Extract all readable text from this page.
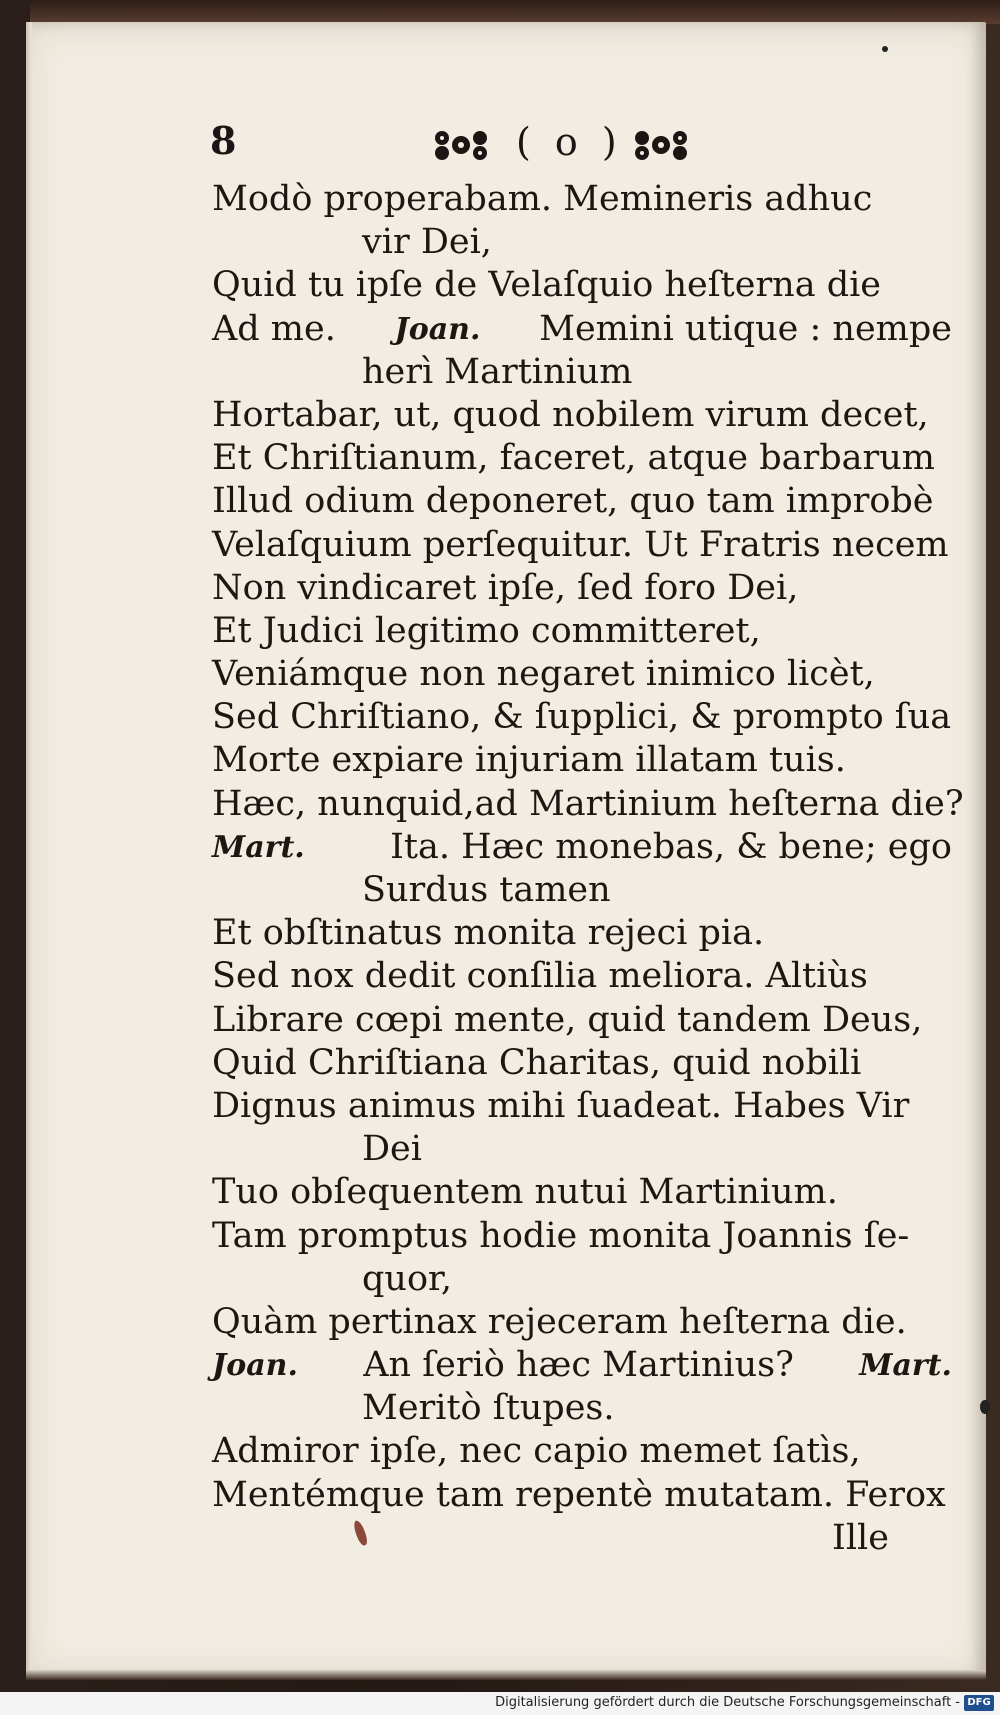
8	( o )
Modò properabam. Memineris adhuc
vir Dei,
Quid tu ipſe de Velaſquio heſterna die
Ad me. Joan. Memini utique : nempe
herì Martinium
Hortabar, ut, quod nobilem virum decet,
Et Chriſtianum, faceret, atque barbarum
Illud odium deponeret, quo tam improbè
Velaſquium perſequitur. Ut Fratris necem
Non vindicaret ipſe, ſed foro Dei,
Et Judici legitimo committeret,
Veniámque non negaret inimico licèt,
Sed Chriſtiano, & ſupplici, & prompto ſua
Morte expiare injuriam illatam tuis.
Hæc, nunquid,ad Martinium heſterna die?
Mart. Ita. Hæc monebas, & bene; ego
Surdus tamen
Et obſtinatus monita rejeci pia.
Sed nox dedit conſilia meliora. Altiùs
Librare cœpi mente, quid tandem Deus,
Quid Chriſtiana Charitas, quid nobili
Dignus animus mihi ſuadeat. Habes Vir
Dei
Tuo obſequentem nutui Martinium.
Tam promptus hodie monita Joannis ſe-
quor,
Quàm pertinax rejeceram heſterna die.
Joan. An ſeriò hæc Martinius? Mart.
Meritò ſtupes.
Admiror ipſe, nec capio memet ſatìs,
Mentémque tam repentè mutatam. Ferox
Ille
Digitalisierung gefördert durch die Deutsche Forschungsgemeinschaft - DFG
